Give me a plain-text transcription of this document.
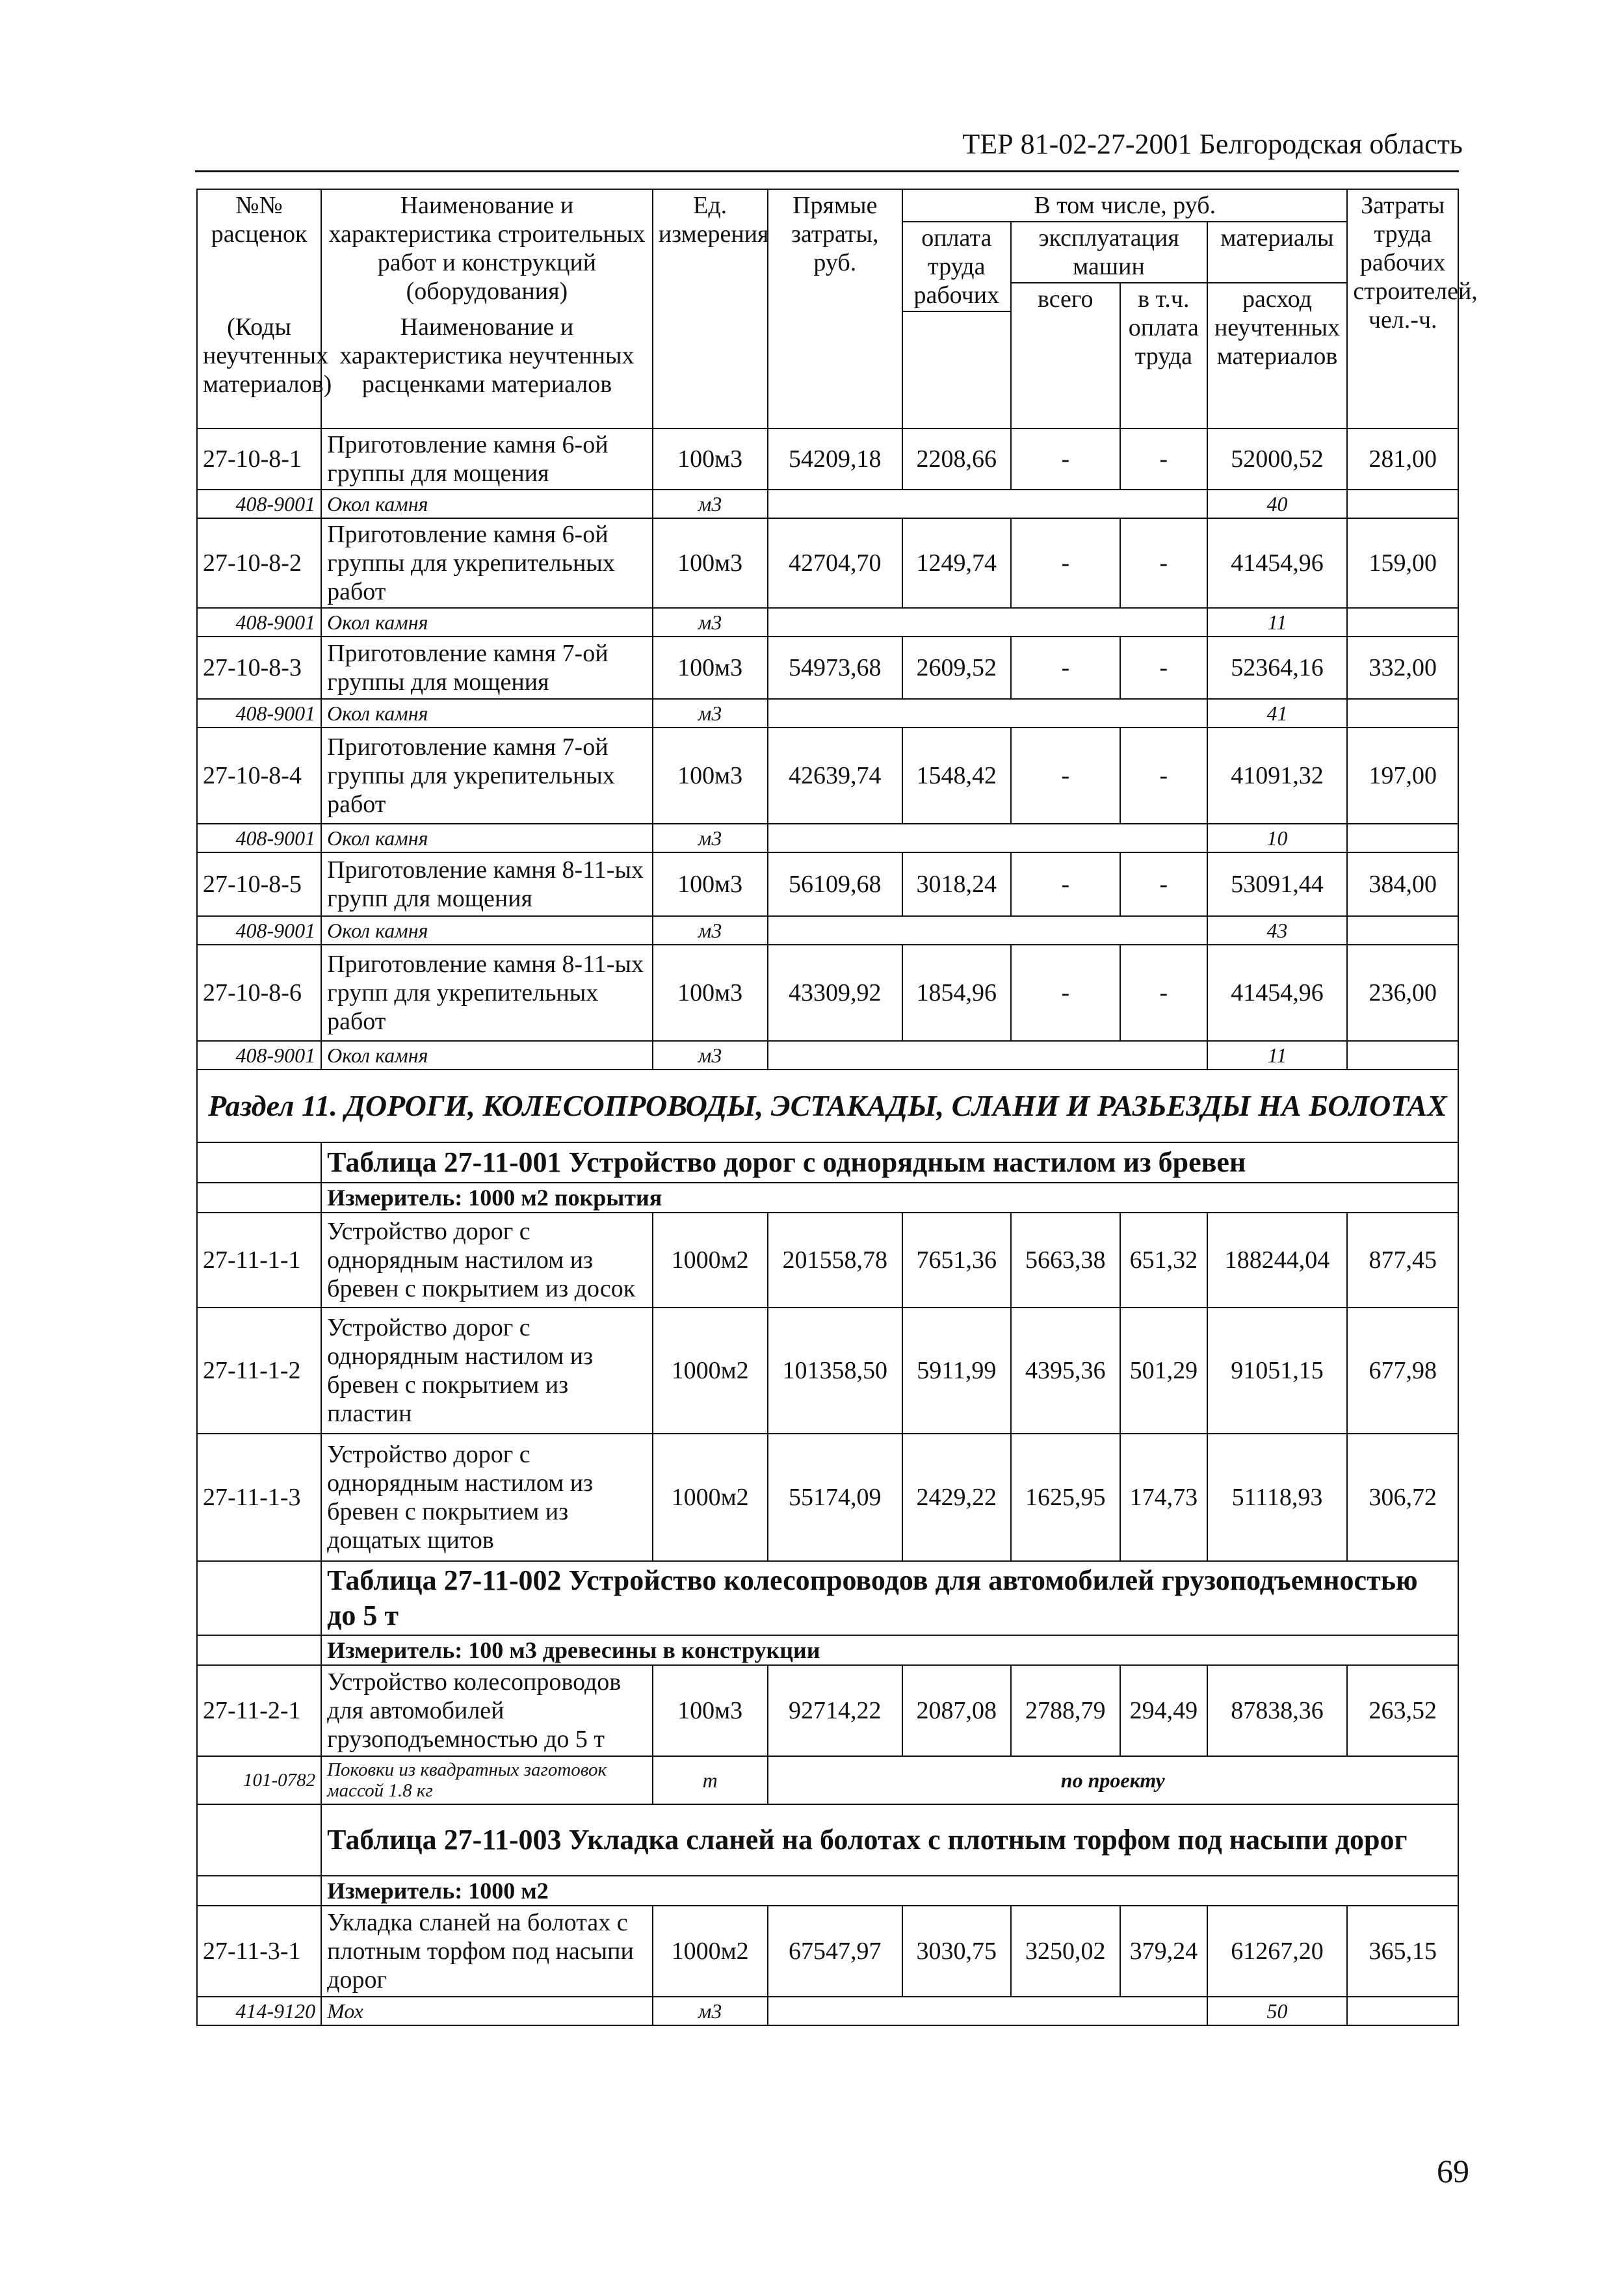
ТЕР 81-02-27-2001 Белгородская область
№№ расценок	Наименование и характеристика строительных работ и конструкций (оборудования)	Ед. измерения	Прямые затраты, руб.	В том числе, руб.				Затраты труда рабочих строителей, чел.-ч.
				оплата труда рабочих	эксплуатация машин		материалы	
					всего	в т.ч. оплата труда	расход неучтенных материалов	
(Коды неучтенных материалов)	Наименование и характеристика неучтенных расценками материалов							

27-10-8-1	Приготовление камня 6-ой группы для мощения	100м3	54209,18	2208,66	-	-	52000,52	281,00
408-9001	Окол камня	м3					40	
27-10-8-2	Приготовление камня 6-ой группы для укрепительных работ	100м3	42704,70	1249,74	-	-	41454,96	159,00
408-9001	Окол камня	м3					11	
27-10-8-3	Приготовление камня 7-ой группы для мощения	100м3	54973,68	2609,52	-	-	52364,16	332,00
408-9001	Окол камня	м3					41	
27-10-8-4	Приготовление камня 7-ой группы для укрепительных работ	100м3	42639,74	1548,42	-	-	41091,32	197,00
408-9001	Окол камня	м3					10	
27-10-8-5	Приготовление камня 8-11-ых групп для мощения	100м3	56109,68	3018,24	-	-	53091,44	384,00
408-9001	Окол камня	м3					43	
27-10-8-6	Приготовление камня 8-11-ых групп для укрепительных работ	100м3	43309,92	1854,96	-	-	41454,96	236,00
408-9001	Окол камня	м3					11	
Раздел 11. ДОРОГИ, КОЛЕСОПРОВОДЫ, ЭСТАКАДЫ, СЛАНИ И РАЗЬЕЗДЫ НА БОЛОТАХ								
	Таблица 27-11-001 Устройство дорог с однорядным настилом из бревен							
	Измеритель: 1000 м2 покрытия							
27-11-1-1	Устройство дорог с однорядным настилом из бревен с покрытием из досок	1000м2	201558,78	7651,36	5663,38	651,32	188244,04	877,45
27-11-1-2	Устройство дорог с однорядным настилом из бревен с покрытием из пластин	1000м2	101358,50	5911,99	4395,36	501,29	91051,15	677,98
27-11-1-3	Устройство дорог с однорядным настилом из бревен с покрытием из дощатых щитов	1000м2	55174,09	2429,22	1625,95	174,73	51118,93	306,72
	Таблица 27-11-002 Устройство колесопроводов для автомобилей грузоподъемностью до 5 т							
	Измеритель: 100 м3 древесины в конструкции							
27-11-2-1	Устройство колесопроводов для автомобилей грузоподъемностью до 5 т	100м3	92714,22	2087,08	2788,79	294,49	87838,36	263,52
101-0782	Поковки из квадратных заготовок массой 1.8 кг	т	по проекту					
	Таблица 27-11-003 Укладка сланей на болотах с плотным торфом под насыпи дорог							
	Измеритель: 1000 м2							
27-11-3-1	Укладка сланей на болотах с плотным торфом под насыпи дорог	1000м2	67547,97	3030,75	3250,02	379,24	61267,20	365,15
414-9120	Мох	м3					50	
69
